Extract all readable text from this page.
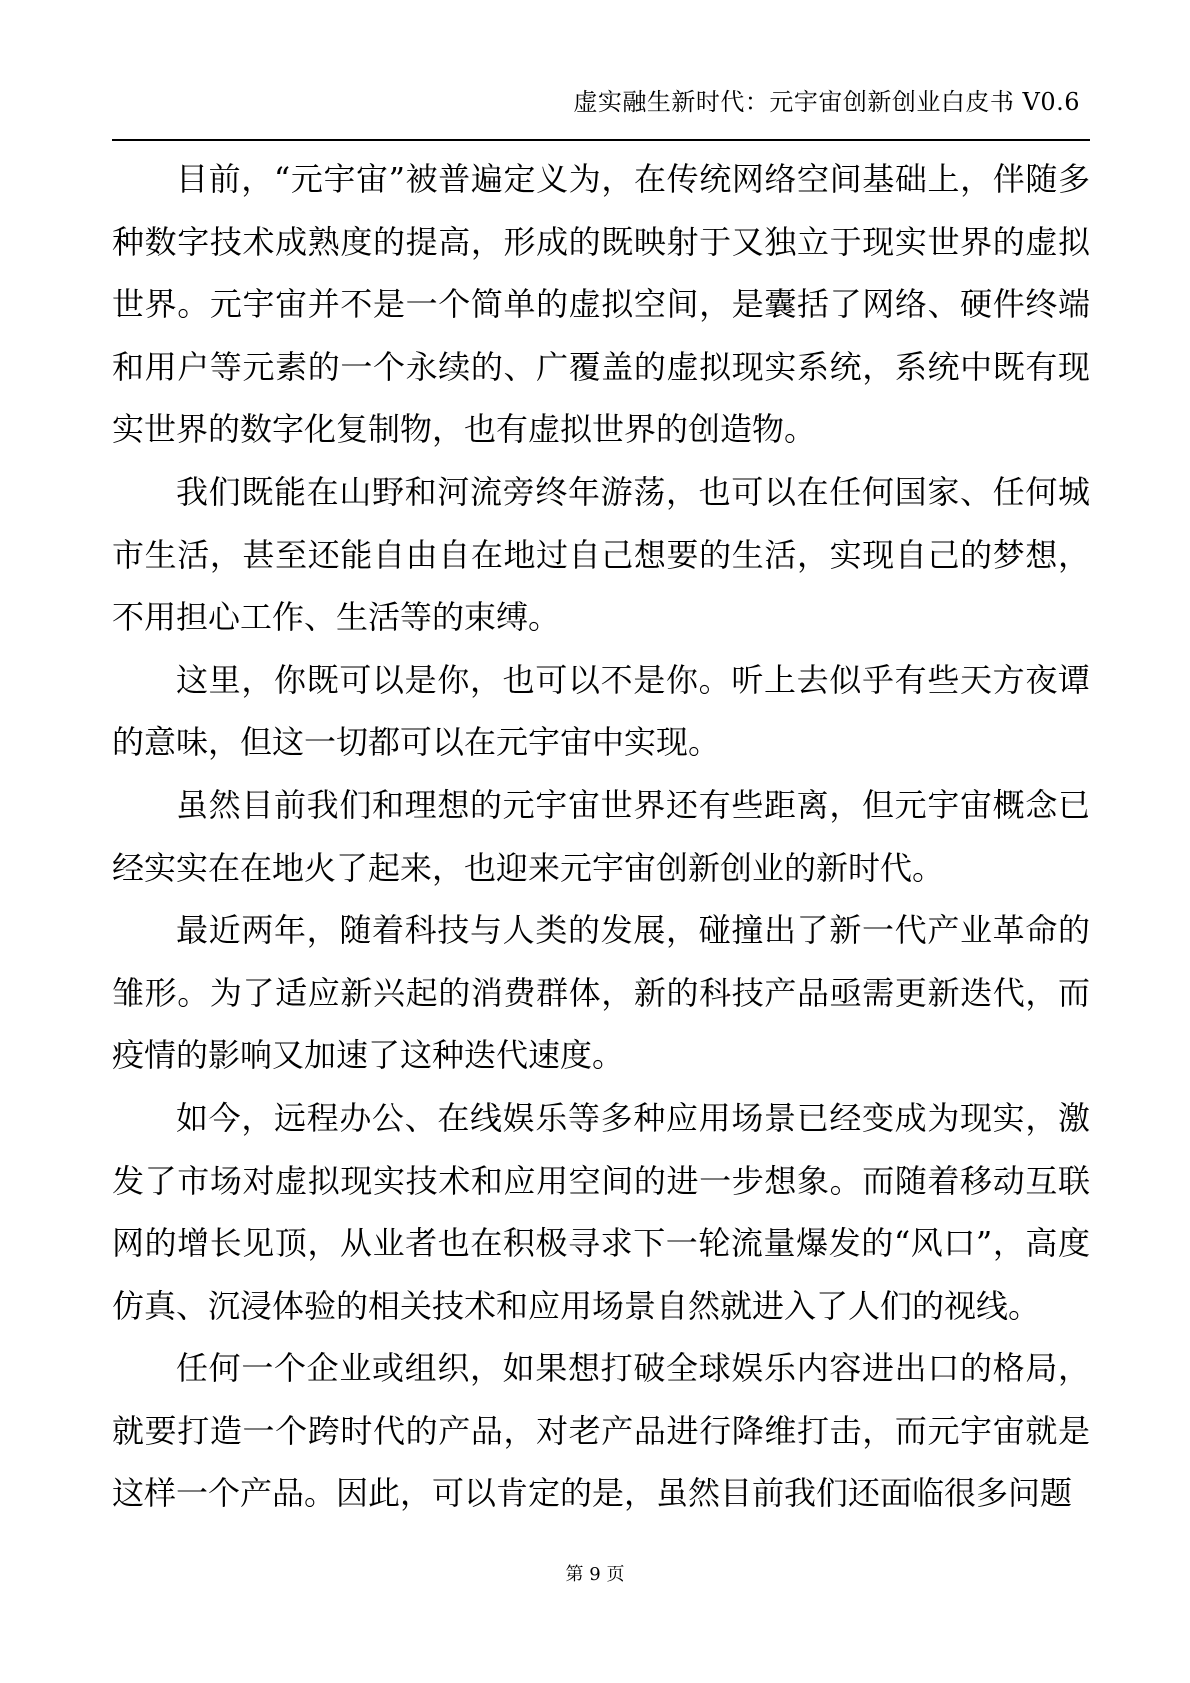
虚实融生新时代：元宇宙创新创业白皮书 V0.6

目前，“元宇宙”被普遍定义为，在传统网络空间基础上，伴随多种数字技术成熟度的提高，形成的既映射于又独立于现实世界的虚拟世界。元宇宙并不是一个简单的虚拟空间，是囊括了网络、硬件终端和用户等元素的一个永续的、广覆盖的虚拟现实系统，系统中既有现实世界的数字化复制物，也有虚拟世界的创造物。

我们既能在山野和河流旁终年游荡，也可以在任何国家、任何城市生活，甚至还能自由自在地过自己想要的生活，实现自己的梦想，不用担心工作、生活等的束缚。

这里，你既可以是你，也可以不是你。听上去似乎有些天方夜谭的意味，但这一切都可以在元宇宙中实现。

虽然目前我们和理想的元宇宙世界还有些距离，但元宇宙概念已经实实在在地火了起来，也迎来元宇宙创新创业的新时代。

最近两年，随着科技与人类的发展，碰撞出了新一代产业革命的雏形。为了适应新兴起的消费群体，新的科技产品亟需更新迭代，而疫情的影响又加速了这种迭代速度。

如今，远程办公、在线娱乐等多种应用场景已经变成为现实，激发了市场对虚拟现实技术和应用空间的进一步想象。而随着移动互联网的增长见顶，从业者也在积极寻求下一轮流量爆发的“风口”，高度仿真、沉浸体验的相关技术和应用场景自然就进入了人们的视线。

任何一个企业或组织，如果想打破全球娱乐内容进出口的格局，就要打造一个跨时代的产品，对老产品进行降维打击，而元宇宙就是这样一个产品。因此，可以肯定的是，虽然目前我们还面临很多问题

第 9 页
